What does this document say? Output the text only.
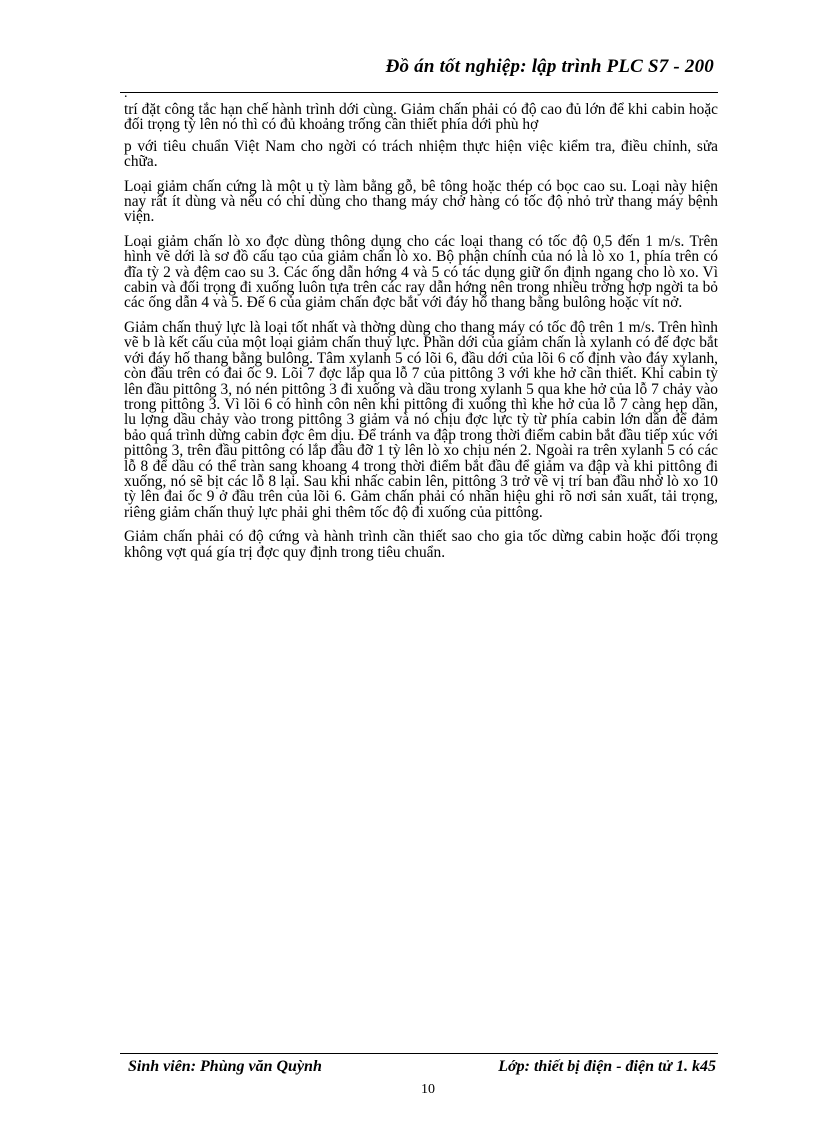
Đồ án tốt nghiệp: lập trình PLC S7 - 200
.

trí đặt công tắc hạn chế hành trình dới cùng. Giảm chấn phải có độ cao đủ lớn để khi cabin hoặc đối trọng tỳ lên nó thì có đủ khoảng trống cần thiết phía dới phù hợ

p với tiêu chuẩn Việt Nam cho ngời có trách nhiệm thực hiện việc kiểm tra, điều chỉnh, sửa chữa.

Loại giảm chấn cứng là một ụ tỳ làm bằng gỗ, bê tông hoặc thép có bọc cao su. Loại này hiện nay rất ít dùng và nếu có chỉ dùng cho thang máy chở hàng có tốc độ nhỏ trừ thang máy bệnh viện.

Loại giảm chấn lò xo đợc dùng thông dụng cho các loại thang có tốc độ 0,5 đến 1 m/s. Trên hình vẽ dới là sơ đồ cấu tạo của giảm chấn lò xo. Bộ phận chính của nó là lò xo 1, phía trên có đĩa tỳ 2 và đệm cao su 3. Các ống dẫn hớng 4 và 5 có tác dụng giữ ổn định ngang cho lò xo. Vì cabin và đối trọng đi xuống luôn tựa trên các ray dẫn hớng nên trong nhiều trờng hợp ngời ta bỏ các ống dẫn 4 và 5. Đế 6 của giảm chấn đợc bắt với đáy hố thang bằng bulông hoặc vít nở.

Giảm chấn thuỷ lực là loại tốt nhất và thờng dùng cho thang máy có tốc độ trên 1 m/s. Trên hình vẽ b là kết cấu của một loại giảm chấn thuỷ lực. Phần dới của giảm chấn là xylanh có đế đợc bắt với đáy hố thang bằng bulông. Tâm xylanh 5 có lõi 6, đầu dới của lõi 6 cố định vào đáy xylanh, còn đầu trên có đai ốc 9. Lõi 7 đợc lắp qua lỗ 7 của pittông 3 với khe hở cần thiết. Khi cabin tỳ lên đầu pittông 3, nó nén pittông 3 đi xuống và dầu trong xylanh 5 qua khe hở của lỗ 7 chảy vào trong pittông 3. Vì lõi 6 có hình côn nên khi pittông đi xuống thì khe hở của lỗ 7 càng hẹp dần, lu lợng dầu chảy vào trong pittông 3 giảm và nó chịu đợc lực tỳ từ phía cabin lớn dần để đảm bảo quá trình dừng cabin đợc êm dịu. Để tránh va đập trong thời điểm cabin bắt đầu tiếp xúc với pittông 3, trên đầu pittông có lắp đầu đỡ 1 tỳ lên lò xo chịu nén 2. Ngoài ra trên xylanh 5 có các lỗ 8 để dầu có thể tràn sang khoang 4 trong thời điểm bắt đầu để giảm va đập và khi pittông đi xuống, nó sẽ bịt các lỗ 8 lại. Sau khi nhấc cabin lên, pittông 3 trở về vị trí ban đầu nhờ lò xo 10 tỳ lên đai ốc 9 ở đầu trên của lõi 6. Gảm chấn phải có nhãn hiệu ghi rõ nơi sản xuất, tải trọng, riêng giảm chấn thuỷ lực phải ghi thêm tốc độ đi xuống của pittông.

Giảm chấn phải có độ cứng và hành trình cần thiết sao cho gia tốc dừng cabin hoặc đối trọng không vợt quá gía trị đợc quy định trong tiêu chuẩn.

Sinh viên: Phùng văn Quỳnh	Lớp: thiết bị điện - điện tử 1. k45
10
